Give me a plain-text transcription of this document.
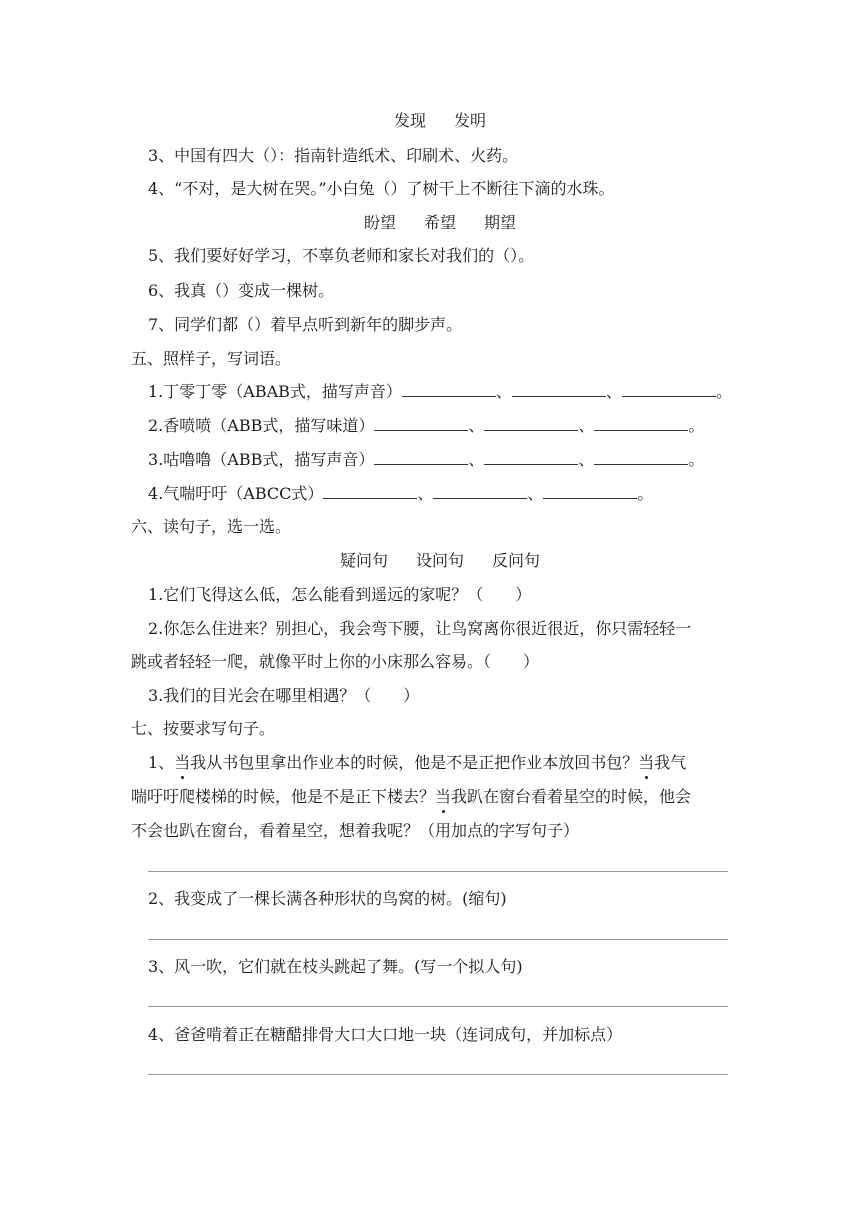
发现 发明
3、中国有四大（）：指南针造纸术、印刷术、火药。
4、“不对，是大树在哭。”小白兔（）了树干上不断往下滴的水珠。
盼望 希望 期望
5、我们要好好学习，不辜负老师和家长对我们的（）。
6、我真（）变成一棵树。
7、同学们都（）着早点听到新年的脚步声。
五、照样子，写词语。
1.丁零丁零（ABAB式，描写声音）	、	、	。
2.香喷喷（ABB式，描写味道）	、	、	。
3.咕噜噜（ABB式，描写声音）	、	、	。
4.气喘吁吁（ABCC式）	、	、	。
六、读句子，选一选。
疑问句 设问句 反问句
1.它们飞得这么低，怎么能看到遥远的家呢？（　　）
2.你怎么住进来？别担心，我会弯下腰，让鸟窝离你很近很近，你只需轻轻一
跳或者轻轻一爬，就像平时上你的小床那么容易。（　　）
3.我们的目光会在哪里相遇？（　　）
七、按要求写句子。
1、当我从书包里拿出作业本的时候，他是不是正把作业本放回书包？当我气
喘吁吁爬楼梯的时候，他是不是正下楼去？当我趴在窗台看着星空的时候，他会
不会也趴在窗台，看着星空，想着我呢？（用加点的字写句子）
2、我变成了一棵长满各种形状的鸟窝的树。(缩句)
3、风一吹，它们就在枝头跳起了舞。(写一个拟人句)
4、爸爸啃着正在糖醋排骨大口大口地一块（连词成句，并加标点）
